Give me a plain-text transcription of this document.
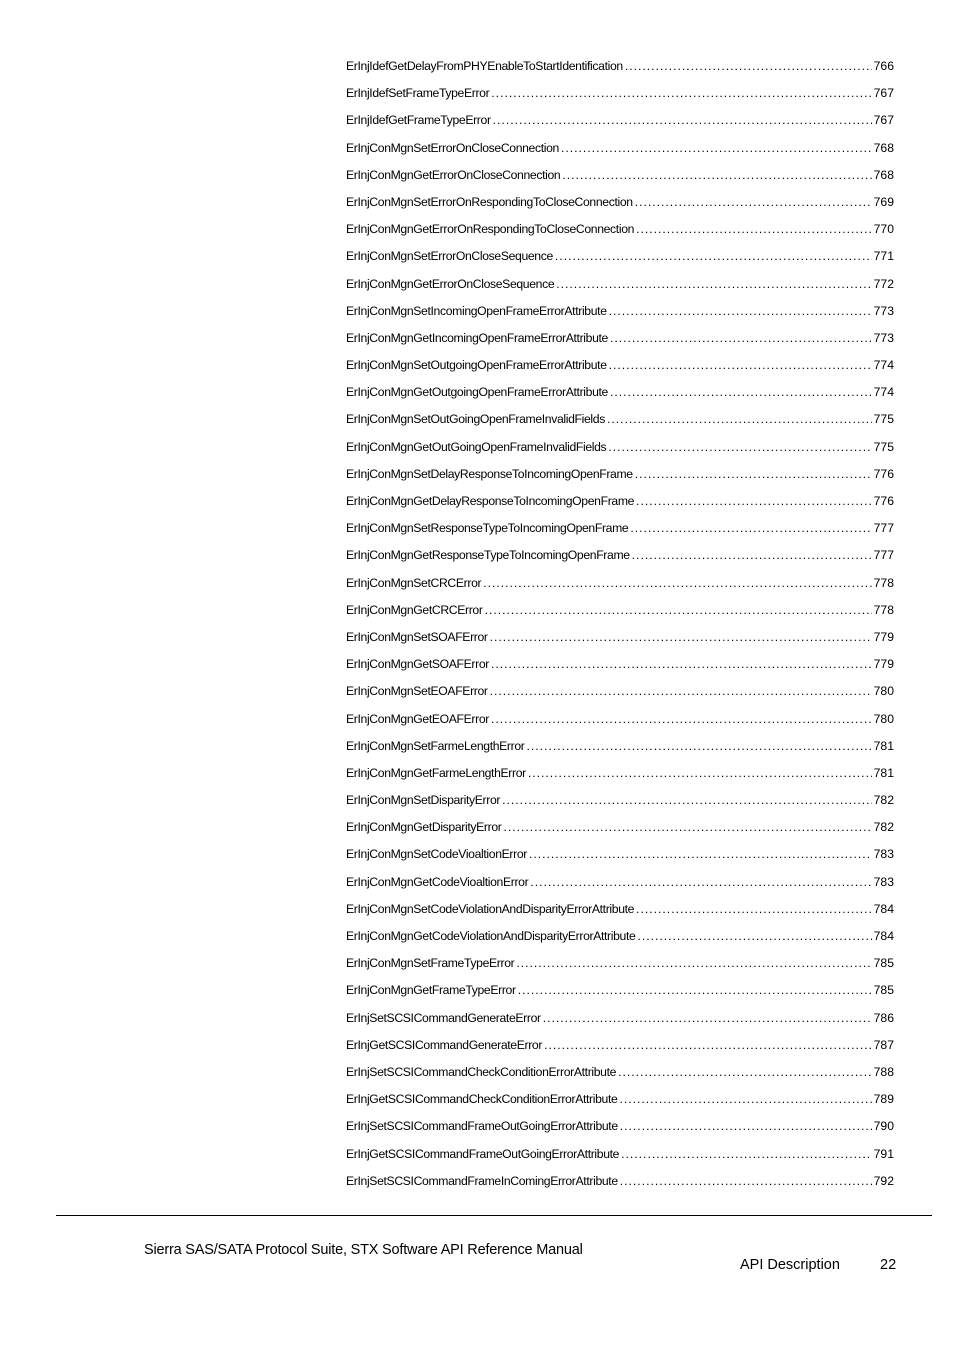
ErInjIdefGetDelayFromPHYEnableToStartIdentification .....	766
ErInjIdefSetFrameTypeError .....	767
ErInjIdefGetFrameTypeError .....	767
ErInjConMgnSetErrorOnCloseConnection .....	768
ErInjConMgnGetErrorOnCloseConnection .....	768
ErInjConMgnSetErrorOnRespondingToCloseConnection .....	769
ErInjConMgnGetErrorOnRespondingToCloseConnection .....	770
ErInjConMgnSetErrorOnCloseSequence .....	771
ErInjConMgnGetErrorOnCloseSequence .....	772
ErInjConMgnSetIncomingOpenFrameErrorAttribute .....	773
ErInjConMgnGetIncomingOpenFrameErrorAttribute .....	773
ErInjConMgnSetOutgoingOpenFrameErrorAttribute .....	774
ErInjConMgnGetOutgoingOpenFrameErrorAttribute .....	774
ErInjConMgnSetOutGoingOpenFrameInvalidFields .....	775
ErInjConMgnGetOutGoingOpenFrameInvalidFields .....	775
ErInjConMgnSetDelayResponseToIncomingOpenFrame .....	776
ErInjConMgnGetDelayResponseToIncomingOpenFrame .....	776
ErInjConMgnSetResponseTypeToIncomingOpenFrame .....	777
ErInjConMgnGetResponseTypeToIncomingOpenFrame .....	777
ErInjConMgnSetCRCError .....	778
ErInjConMgnGetCRCError .....	778
ErInjConMgnSetSOAFError .....	779
ErInjConMgnGetSOAFError .....	779
ErInjConMgnSetEOAFError .....	780
ErInjConMgnGetEOAFError .....	780
ErInjConMgnSetFarmeLengthError .....	781
ErInjConMgnGetFarmeLengthError .....	781
ErInjConMgnSetDisparityError .....	782
ErInjConMgnGetDisparityError .....	782
ErInjConMgnSetCodeVioaltionError .....	783
ErInjConMgnGetCodeVioaltionError .....	783
ErInjConMgnSetCodeViolationAndDisparityErrorAttribute .....	784
ErInjConMgnGetCodeViolationAndDisparityErrorAttribute .....	784
ErInjConMgnSetFrameTypeError .....	785
ErInjConMgnGetFrameTypeError .....	785
ErInjSetSCSICommandGenerateError .....	786
ErInjGetSCSICommandGenerateError .....	787
ErInjSetSCSICommandCheckConditionErrorAttribute .....	788
ErInjGetSCSICommandCheckConditionErrorAttribute .....	789
ErInjSetSCSICommandFrameOutGoingErrorAttribute .....	790
ErInjGetSCSICommandFrameOutGoingErrorAttribute .....	791
ErInjSetSCSICommandFrameInComingErrorAttribute .....	792
Sierra SAS/SATA Protocol Suite, STX Software API Reference Manual
API Description	22
